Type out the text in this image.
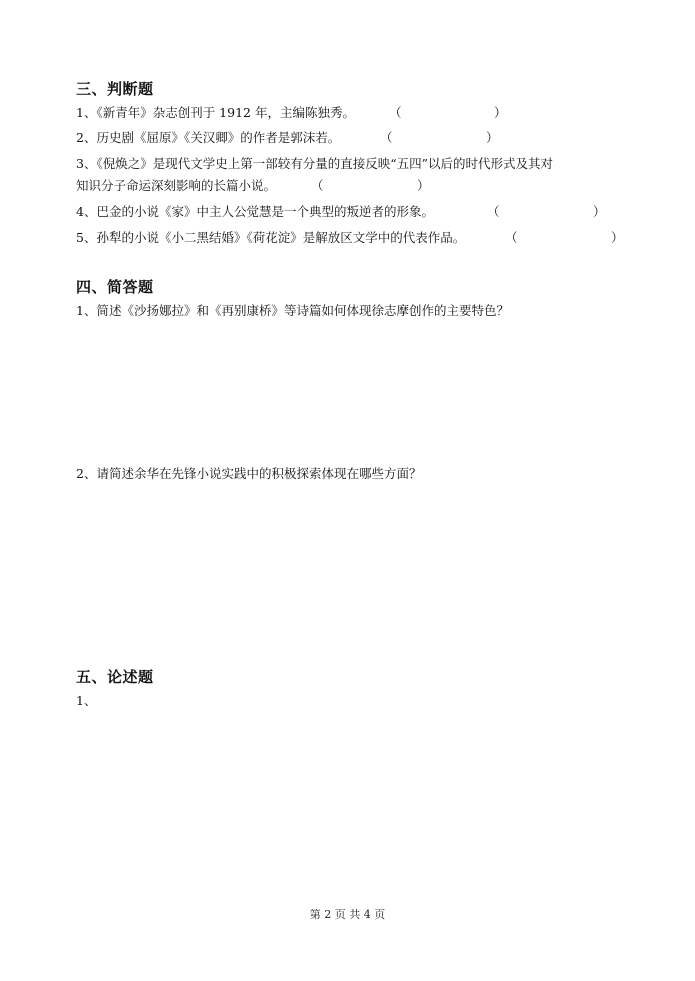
三、判断题
1、《新青年》杂志创刊于 1912 年，主编陈独秀。	（	）
2、历史剧《屈原》《关汉卿》的作者是郭沫若。	（	）
3、《倪焕之》是现代文学史上第一部较有分量的直接反映“五四”以后的时代形式及其对
知识分子命运深刻影响的长篇小说。	（	）
4、巴金的小说《家》中主人公觉慧是一个典型的叛逆者的形象。	（	）
5、孙犁的小说《小二黑结婚》《荷花淀》是解放区文学中的代表作品。	（	）
四、简答题
1、简述《沙扬娜拉》和《再别康桥》等诗篇如何体现徐志摩创作的主要特色？
2、请简述余华在先锋小说实践中的积极探索体现在哪些方面？
五、论述题
1、
第 2 页 共 4 页
